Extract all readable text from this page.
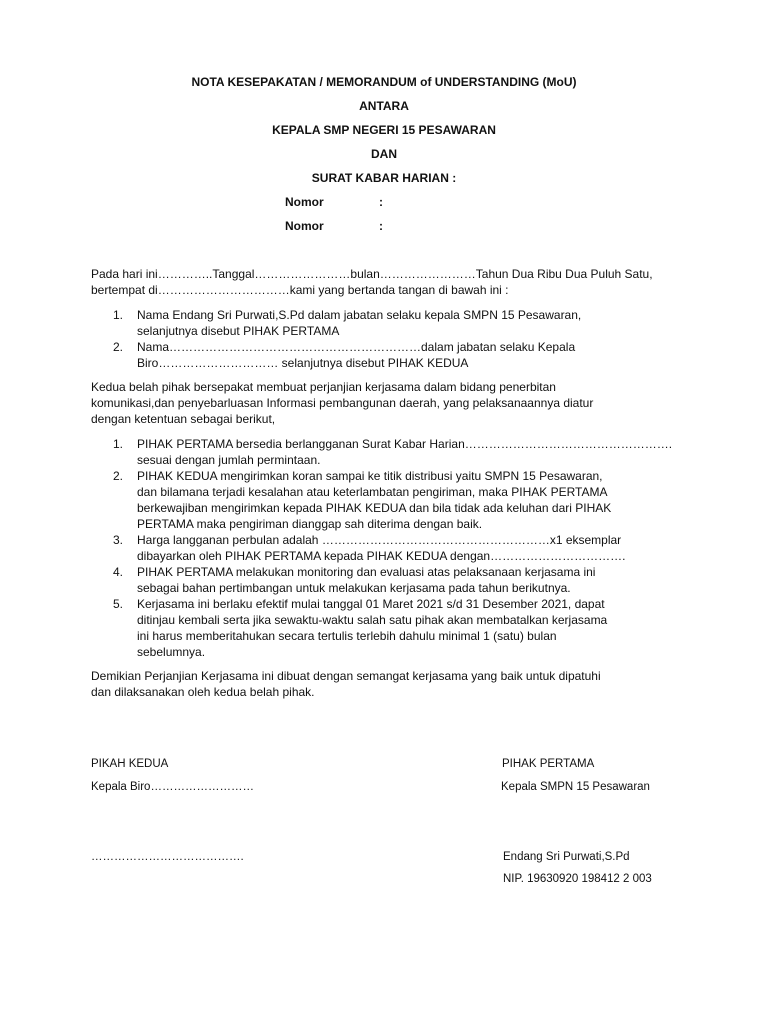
NOTA KESEPAKATAN / MEMORANDUM of UNDERSTANDING (MoU)
ANTARA
KEPALA SMP NEGERI 15 PESAWARAN
DAN
SURAT KABAR HARIAN :
Nomor	:
Nomor	:

Pada hari ini…………..Tanggal……………………bulan……………………Tahun Dua Ribu Dua Puluh Satu,
bertempat di……………………………kami yang bertanda tangan di bawah ini :

1. Nama Endang Sri Purwati,S.Pd dalam jabatan selaku kepala SMPN 15 Pesawaran,
selanjutnya disebut PIHAK PERTAMA
2. Nama………………………………………………………dalam jabatan selaku Kepala
Biro………………………… selanjutnya disebut PIHAK KEDUA

Kedua belah pihak bersepakat membuat perjanjian kerjasama dalam bidang penerbitan
komunikasi,dan penyebarluasan Informasi pembangunan daerah, yang pelaksanaannya diatur
dengan ketentuan sebagai berikut,

1. PIHAK PERTAMA bersedia berlangganan Surat Kabar Harian…………………………………………….
sesuai dengan jumlah permintaan.
2. PIHAK KEDUA mengirimkan koran sampai ke titik distribusi yaitu SMPN 15 Pesawaran,
dan bilamana terjadi kesalahan atau keterlambatan pengiriman, maka PIHAK PERTAMA
berkewajiban mengirimkan kepada PIHAK KEDUA dan bila tidak ada keluhan dari PIHAK
PERTAMA maka pengiriman dianggap sah diterima dengan baik.
3. Harga langganan perbulan adalah …………………………………………………x1 eksemplar
dibayarkan oleh PIHAK PERTAMA kepada PIHAK KEDUA dengan…………………………….
4. PIHAK PERTAMA melakukan monitoring dan evaluasi atas pelaksanaan kerjasama ini
sebagai bahan pertimbangan untuk melakukan kerjasama pada tahun berikutnya.
5. Kerjasama ini berlaku efektif mulai tanggal 01 Maret 2021 s/d 31 Desember 2021, dapat
ditinjau kembali serta jika sewaktu-waktu salah satu pihak akan membatalkan kerjasama
ini harus memberitahukan secara tertulis terlebih dahulu minimal 1 (satu) bulan
sebelumnya.

Demikian Perjanjian Kerjasama ini dibuat dengan semangat kerjasama yang baik untuk dipatuhi
dan dilaksanakan oleh kedua belah pihak.

PIKAH KEDUA
Kepala Biro………………………
………………………………….
PIHAK PERTAMA
Kepala SMPN 15 Pesawaran
Endang Sri Purwati,S.Pd
NIP. 19630920 198412 2 003
